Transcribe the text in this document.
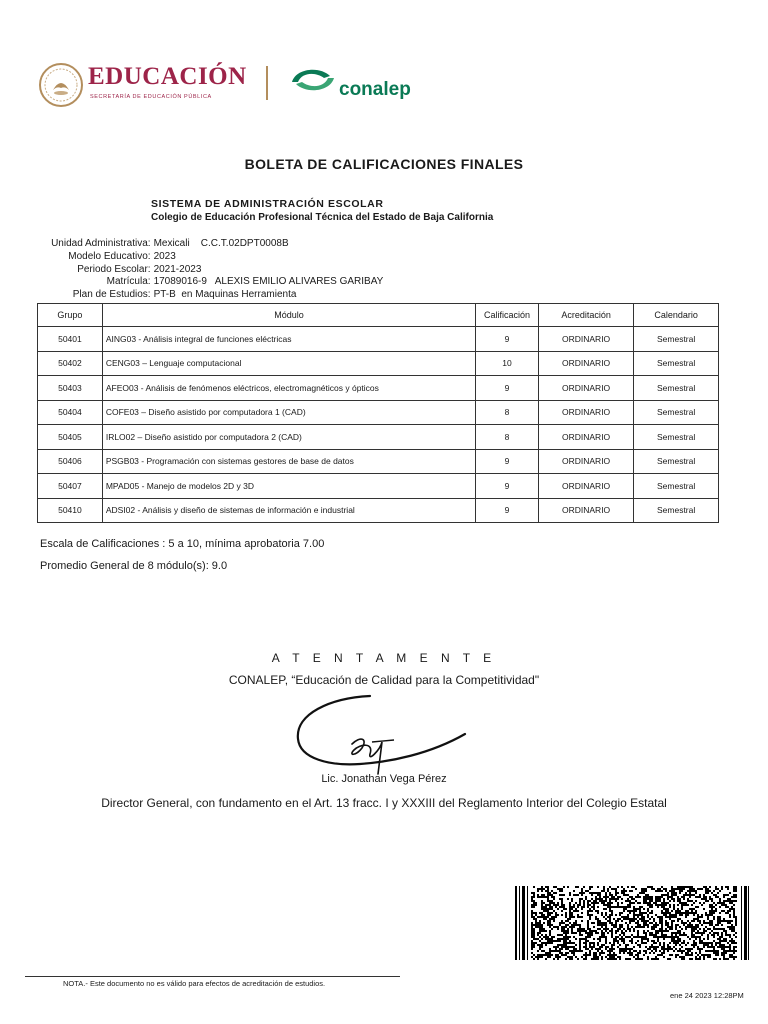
EDUCACIÓN
SECRETARÍA DE EDUCACIÓN PÚBLICA	conalep
BOLETA DE CALIFICACIONES FINALES
SISTEMA DE ADMINISTRACIÓN ESCOLAR
Colegio de Educación Profesional Técnica del Estado de Baja California

Unidad Administrativa: Mexicali    C.C.T.02DPT0008B

Modelo Educativo: 2023

Periodo Escolar: 2021-2023

Matrícula: 17089016-9   ALEXIS EMILIO ALIVARES GARIBAY

Plan de Estudios: PT-B  en Maquinas Herramienta

Grupo	Módulo	Calificación	Acreditación	Calendario
50401	AING03 - Análisis integral de funciones eléctricas	9	ORDINARIO	Semestral
50402	CENG03 – Lenguaje computacional	10	ORDINARIO	Semestral
50403	AFEO03 - Análisis de fenómenos eléctricos, electromagnéticos y ópticos	9	ORDINARIO	Semestral
50404	COFE03 – Diseño asistido por computadora 1 (CAD)	8	ORDINARIO	Semestral
50405	IRLO02 – Diseño asistido por computadora 2 (CAD)	8	ORDINARIO	Semestral
50406	PSGB03 - Programación con sistemas gestores de base de datos	9	ORDINARIO	Semestral
50407	MPAD05 - Manejo de modelos 2D y 3D	9	ORDINARIO	Semestral
50410	ADSI02 - Análisis y diseño de sistemas de información e industrial	9	ORDINARIO	Semestral
Escala de Calificaciones : 5 a 10, mínima aprobatoria 7.00
Promedio General de 8 módulo(s): 9.0
A T E N T A M E N T E
CONALEP, “Educación de Calidad para la Competitividad"
Lic. Jonathan Vega Pérez
Director General, con fundamento en el Art. 13 fracc. I y XXXIII del Reglamento Interior del Colegio Estatal
NOTA.- Este documento no es válido para efectos de acreditación de estudios.
ene 24 2023 12:28PM
